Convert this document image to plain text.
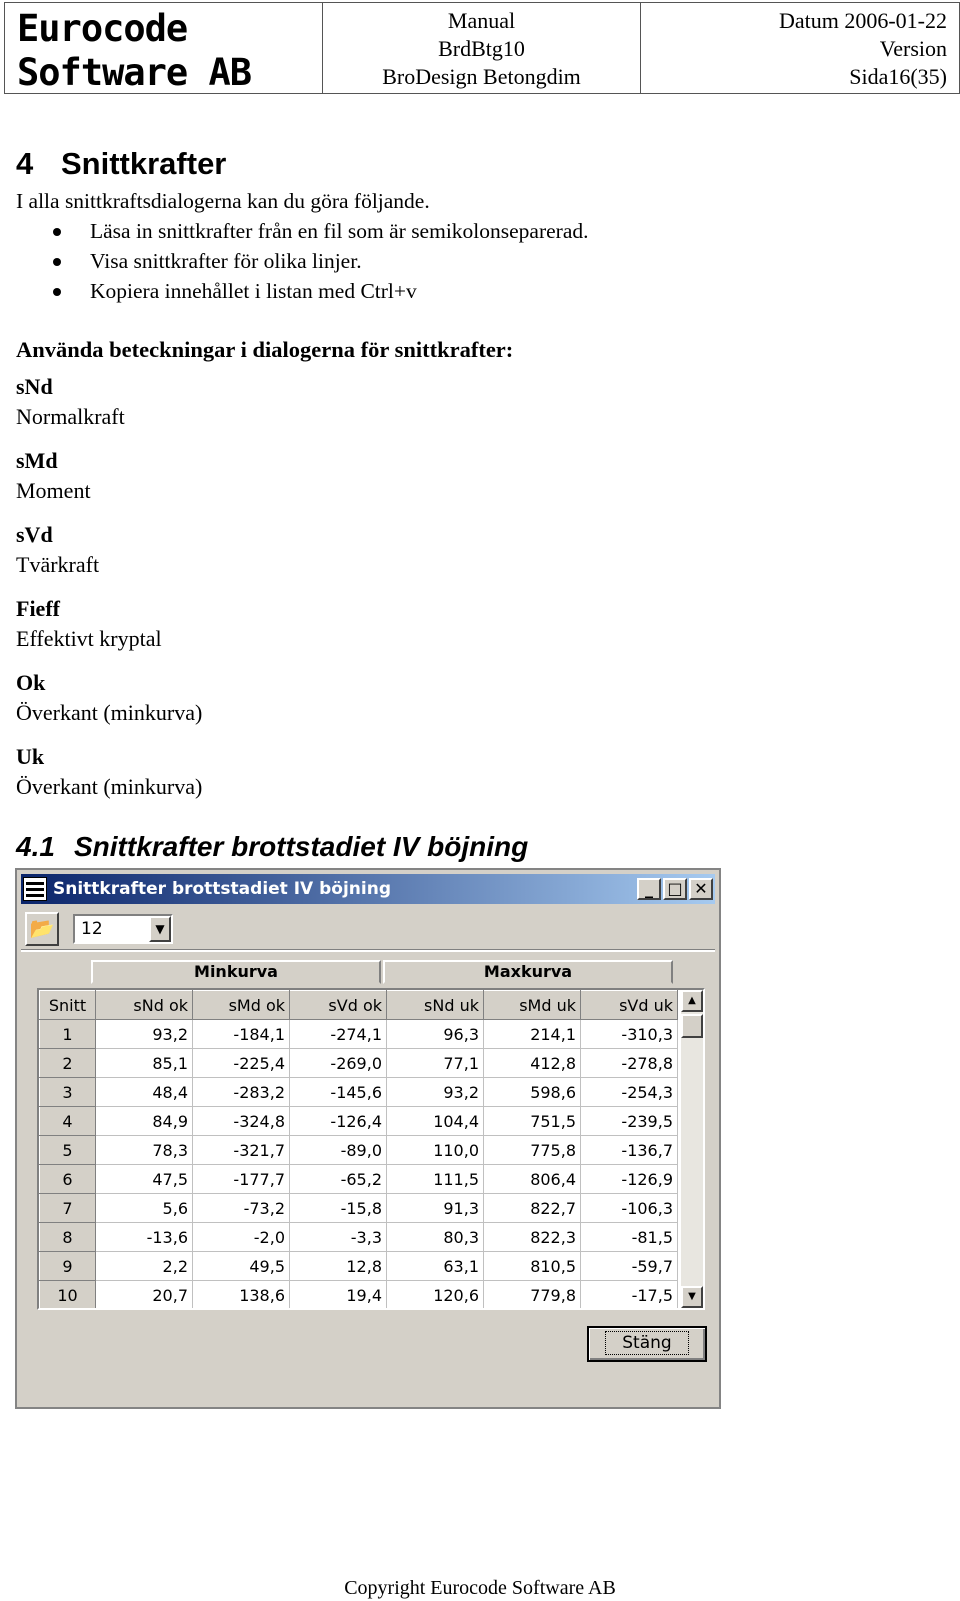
Eurocode
Software AB
Manual
BrdBtg10
BroDesign Betongdim
Datum 2006-01-22
Version
Sida16(35)
4 Snittkrafter
I alla snittkraftsdialogerna kan du göra följande.
Läsa in snittkrafter från en fil som är semikolonseparerad.
Visa snittkrafter för olika linjer.
Kopiera innehållet i listan med Ctrl+v
Använda beteckningar i dialogerna för snittkrafter:
sNd
Normalkraft
sMd
Moment
sVd
Tvärkraft
Fieff
Effektivt kryptal
Ok
Överkant (minkurva)
Uk
Överkant (minkurva)
4.1 Snittkrafter brottstadiet IV böjning
Snittkrafter brottstadiet IV böjning	_ □ ✕
📂 12	▼
Minkurva	Maxkurva
Snitt	sNd ok	sMd ok	sVd ok	sNd uk	sMd uk	sVd uk
1	93,2	-184,1	-274,1	96,3	214,1	-310,3
2	85,1	-225,4	-269,0	77,1	412,8	-278,8
3	48,4	-283,2	-145,6	93,2	598,6	-254,3
4	84,9	-324,8	-126,4	104,4	751,5	-239,5
5	78,3	-321,7	-89,0	110,0	775,8	-136,7
6	47,5	-177,7	-65,2	111,5	806,4	-126,9
7	5,6	-73,2	-15,8	91,3	822,7	-106,3
8	-13,6	-2,0	-3,3	80,3	822,3	-81,5
9	2,2	49,5	12,8	63,1	810,5	-59,7
10	20,7	138,6	19,4	120,6	779,8	-17,5
▲
▼
Stäng
Copyright Eurocode Software AB
